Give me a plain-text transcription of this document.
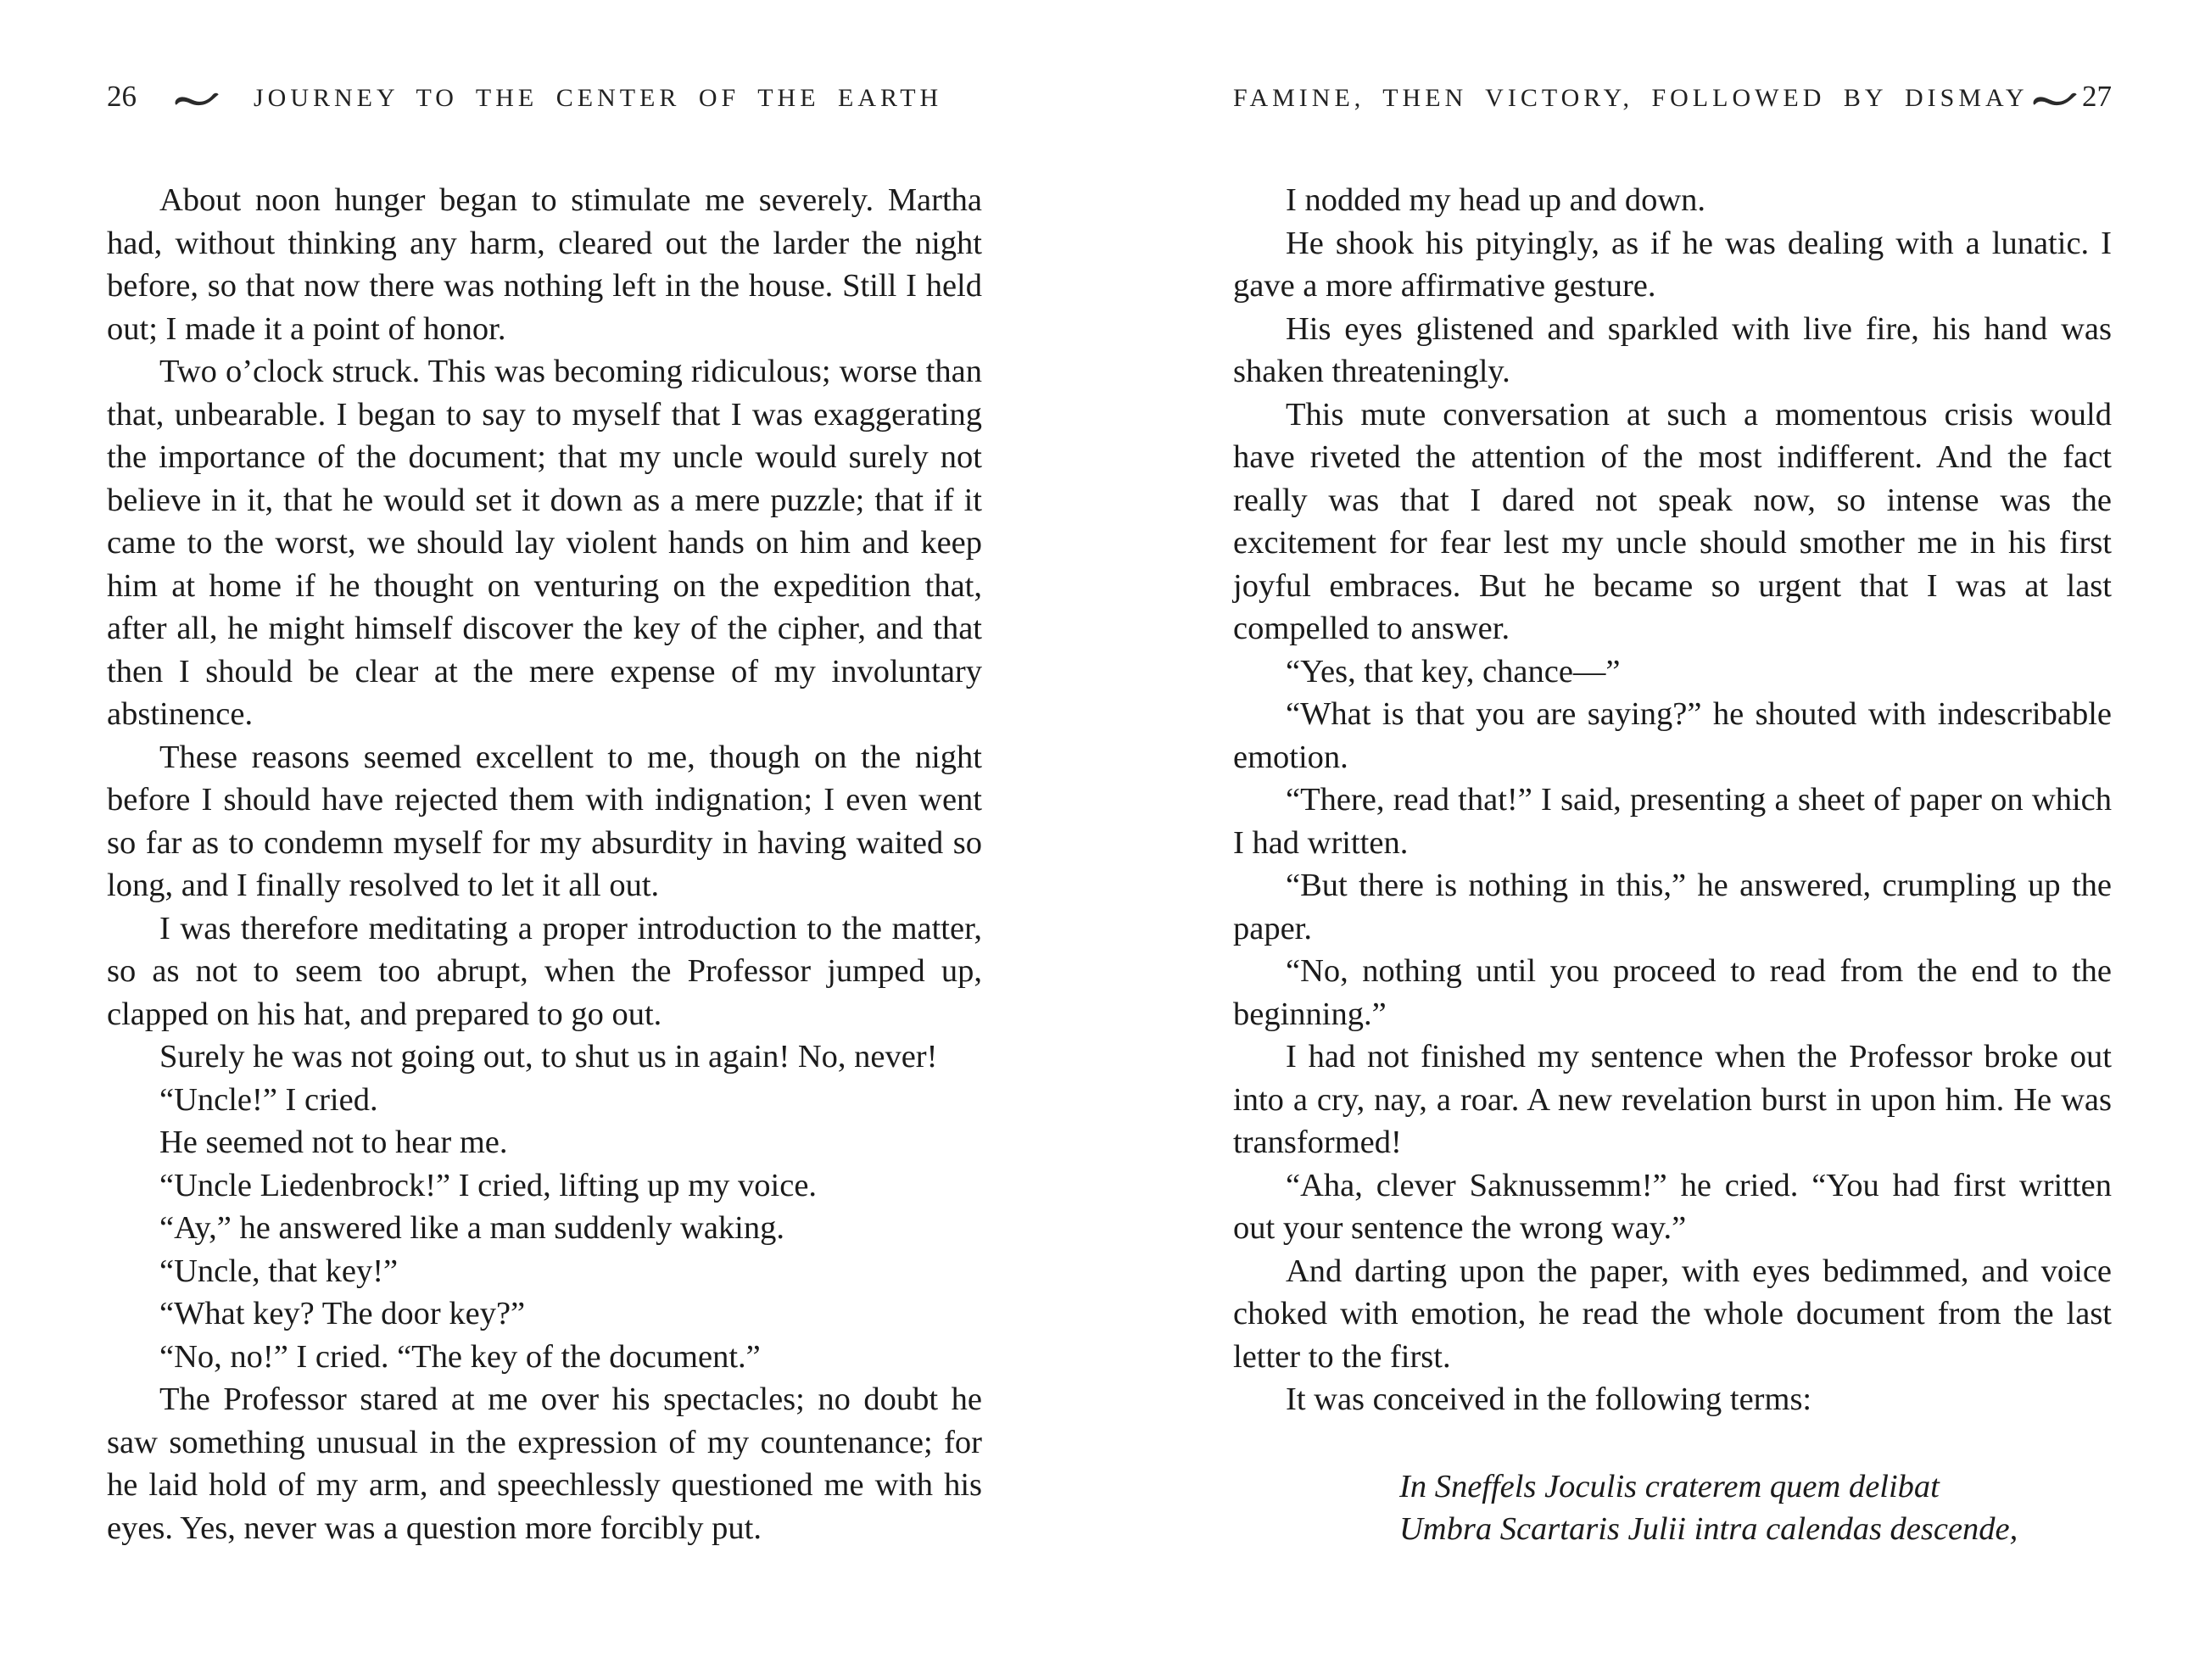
26	JOURNEY TO THE CENTER OF THE EARTH

About noon hunger began to stimulate me severely. Martha had, without thinking any harm, cleared out the larder the night before, so that now there was nothing left in the house. Still I held out; I made it a point of honor.

Two o’clock struck. This was becoming ridiculous; worse than that, unbearable. I began to say to myself that I was exaggerating the importance of the document; that my uncle would surely not believe in it, that he would set it down as a mere puzzle; that if it came to the worst, we should lay violent hands on him and keep him at home if he thought on venturing on the expedition that, after all, he might himself discover the key of the cipher, and that then I should be clear at the mere expense of my involuntary abstinence.

These reasons seemed excellent to me, though on the night before I should have rejected them with indignation; I even went so far as to condemn myself for my absurdity in having waited so long, and I finally resolved to let it all out.

I was therefore meditating a proper introduction to the matter, so as not to seem too abrupt, when the Professor jumped up, clapped on his hat, and prepared to go out.

Surely he was not going out, to shut us in again! No, never!

“Uncle!” I cried.

He seemed not to hear me.

“Uncle Liedenbrock!” I cried, lifting up my voice.

“Ay,” he answered like a man suddenly waking.

“Uncle, that key!”

“What key? The door key?”

“No, no!” I cried. “The key of the document.”

The Professor stared at me over his spectacles; no doubt he saw something unusual in the expression of my countenance; for he laid hold of my arm, and speechlessly questioned me with his eyes. Yes, never was a question more forcibly put.

FAMINE, THEN VICTORY, FOLLOWED BY DISMAY 27

I nodded my head up and down.

He shook his pityingly, as if he was dealing with a lunatic. I gave a more affirmative gesture.

His eyes glistened and sparkled with live fire, his hand was shaken threateningly.

This mute conversation at such a momentous crisis would have riveted the attention of the most indifferent. And the fact really was that I dared not speak now, so intense was the excitement for fear lest my uncle should smother me in his first joyful embraces. But he became so urgent that I was at last compelled to answer.

“Yes, that key, chance—”

“What is that you are saying?” he shouted with indescribable emotion.

“There, read that!” I said, presenting a sheet of paper on which I had written.

“But there is nothing in this,” he answered, crumpling up the paper.

“No, nothing until you proceed to read from the end to the beginning.”

I had not finished my sentence when the Professor broke out into a cry, nay, a roar. A new revelation burst in upon him. He was transformed!

“Aha, clever Saknussemm!” he cried. “You had first written out your sentence the wrong way.”

And darting upon the paper, with eyes bedimmed, and voice choked with emotion, he read the whole document from the last letter to the first.

It was conceived in the following terms:

In Sneffels Joculis craterem quem delibat
Umbra Scartaris Julii intra calendas descende,
